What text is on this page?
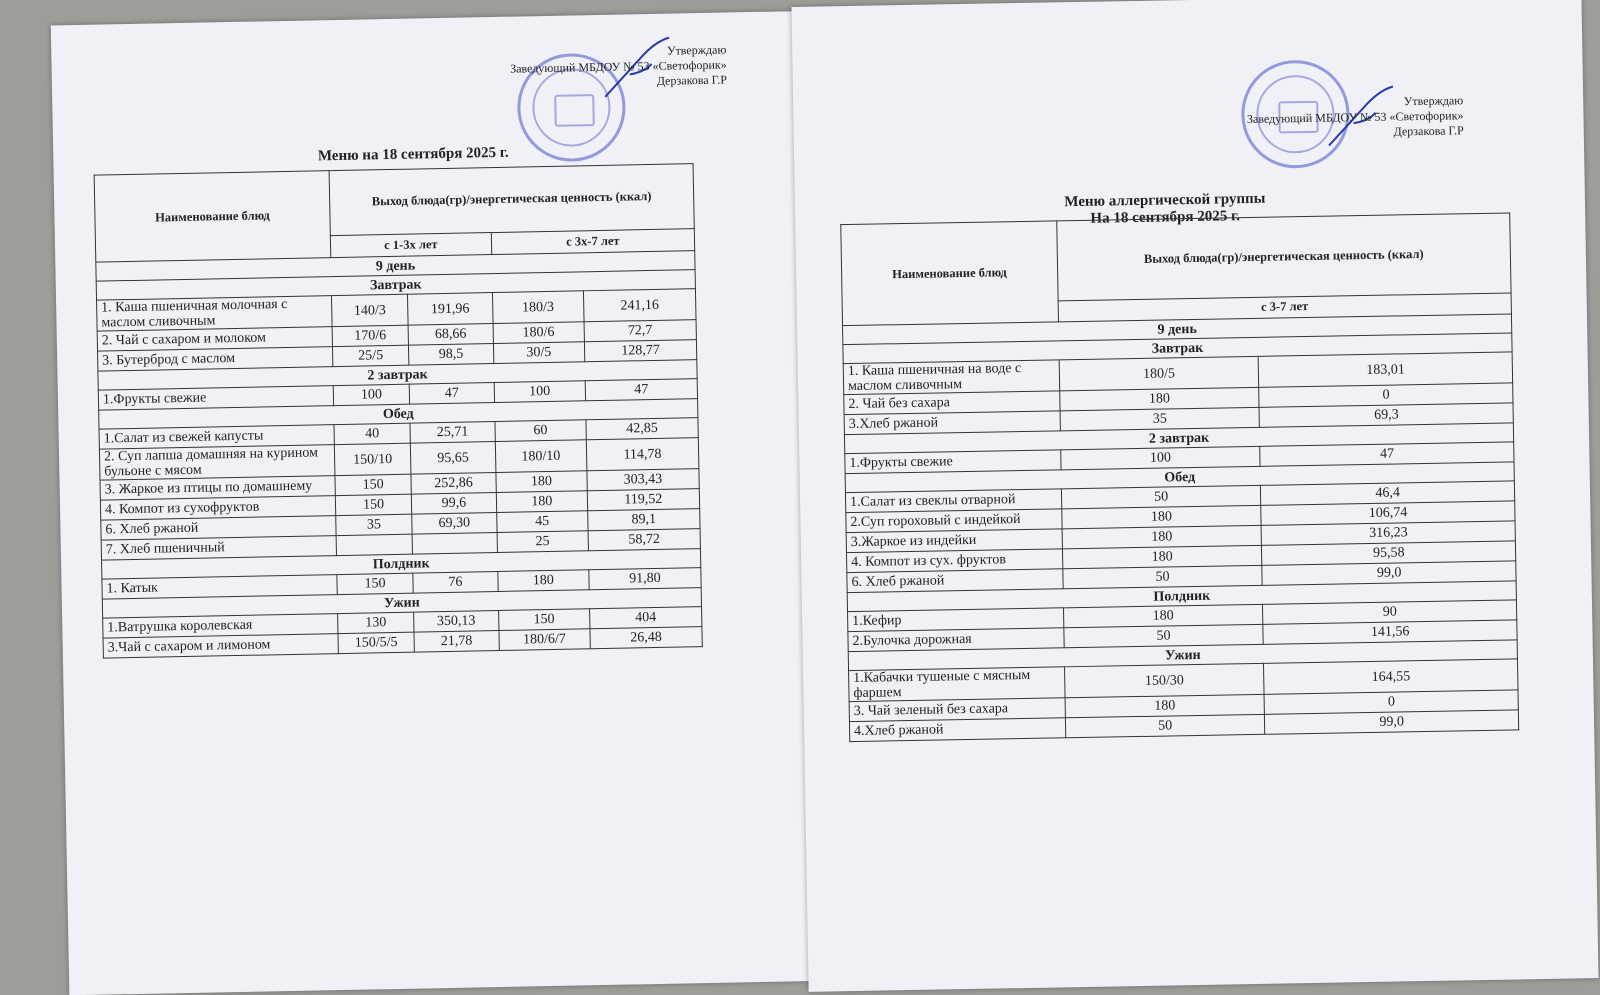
Утверждаю
Заведующий МБДОУ № 53 «Светофорик»
Дерзакова Г.Р
Меню на 18 сентября 2025 г.
Наименование блюд	Выход блюда(гр)/энергетическая ценность (ккал)			
	с 1-3х лет		с 3х-7 лет	
9 день				
Завтрак				
1. Каша пшеничная молочная с маслом сливочным	140/3	191,96	180/3	241,16
2. Чай с сахаром и молоком	170/6	68,66	180/6	72,7
3. Бутерброд с маслом	25/5	98,5	30/5	128,77
2 завтрак				
1.Фрукты свежие	100	47	100	47
Обед				
1.Салат из свежей капусты	40	25,71	60	42,85
2. Суп лапша домашняя на курином бульоне с мясом	150/10	95,65	180/10	114,78
3. Жаркое из птицы по домашнему	150	252,86	180	303,43
4. Компот из сухофруктов	150	99,6	180	119,52
6. Хлеб ржаной	35	69,30	45	89,1
7. Хлеб пшеничный			25	58,72
Полдник				
1. Катык	150	76	180	91,80
Ужин				
1.Ватрушка королевская	130	350,13	150	404
3.Чай с сахаром и лимоном	150/5/5	21,78	180/6/7	26,48
Утверждаю
Заведующий МБДОУ № 53 «Светофорик»
Дерзакова Г.Р
Меню аллергической группы
На 18 сентября 2025 г.
Наименование блюд	Выход блюда(гр)/энергетическая ценность (ккал)	
	с 3-7 лет	
9 день		
Завтрак		
1. Каша пшеничная на воде с маслом сливочным	180/5	183,01
2. Чай без сахара	180	0
3.Хлеб ржаной	35	69,3
2 завтрак		
1.Фрукты свежие	100	47
Обед		
1.Салат из свеклы отварной	50	46,4
2.Суп гороховый с индейкой	180	106,74
3.Жаркое из индейки	180	316,23
4. Компот из сух. фруктов	180	95,58
6. Хлеб ржаной	50	99,0
Полдник		
1.Кефир	180	90
2.Булочка дорожная	50	141,56
Ужин		
1.Кабачки тушеные с мясным фаршем	150/30	164,55
3. Чай зеленый без сахара	180	0
4.Хлеб ржаной	50	99,0
